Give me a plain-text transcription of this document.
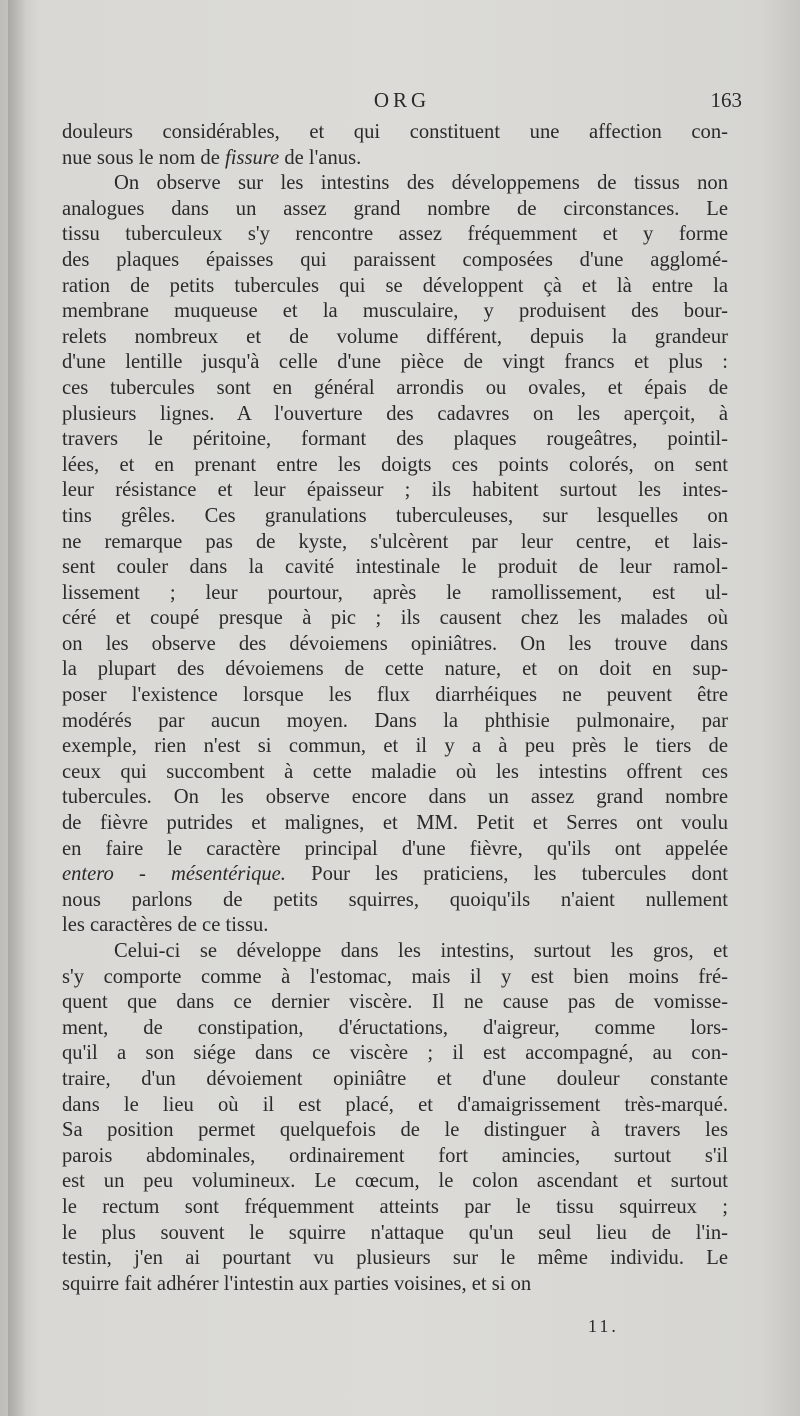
ORG	163
douleurs considérables, et qui constituent une affection con-
nue sous le nom de fissure de l'anus.
On observe sur les intestins des développemens de tissus non
analogues dans un assez grand nombre de circonstances. Le
tissu tuberculeux s'y rencontre assez fréquemment et y forme
des plaques épaisses qui paraissent composées d'une agglomé-
ration de petits tubercules qui se développent çà et là entre la
membrane muqueuse et la musculaire, y produisent des bour-
relets nombreux et de volume différent, depuis la grandeur
d'une lentille jusqu'à celle d'une pièce de vingt francs et plus :
ces tubercules sont en général arrondis ou ovales, et épais de
plusieurs lignes. A l'ouverture des cadavres on les aperçoit, à
travers le péritoine, formant des plaques rougeâtres, pointil-
lées, et en prenant entre les doigts ces points colorés, on sent
leur résistance et leur épaisseur ; ils habitent surtout les intes-
tins grêles. Ces granulations tuberculeuses, sur lesquelles on
ne remarque pas de kyste, s'ulcèrent par leur centre, et lais-
sent couler dans la cavité intestinale le produit de leur ramol-
lissement ; leur pourtour, après le ramollissement, est ul-
céré et coupé presque à pic ; ils causent chez les malades où
on les observe des dévoiemens opiniâtres. On les trouve dans
la plupart des dévoiemens de cette nature, et on doit en sup-
poser l'existence lorsque les flux diarrhéiques ne peuvent être
modérés par aucun moyen. Dans la phthisie pulmonaire, par
exemple, rien n'est si commun, et il y a à peu près le tiers de
ceux qui succombent à cette maladie où les intestins offrent ces
tubercules. On les observe encore dans un assez grand nombre
de fièvre putrides et malignes, et MM. Petit et Serres ont voulu
en faire le caractère principal d'une fièvre, qu'ils ont appelée
entero - mésentérique. Pour les praticiens, les tubercules dont
nous parlons de petits squirres, quoiqu'ils n'aient nullement
les caractères de ce tissu.
Celui-ci se développe dans les intestins, surtout les gros, et
s'y comporte comme à l'estomac, mais il y est bien moins fré-
quent que dans ce dernier viscère. Il ne cause pas de vomisse-
ment, de constipation, d'éructations, d'aigreur, comme lors-
qu'il a son siége dans ce viscère ; il est accompagné, au con-
traire, d'un dévoiement opiniâtre et d'une douleur constante
dans le lieu où il est placé, et d'amaigrissement très-marqué.
Sa position permet quelquefois de le distinguer à travers les
parois abdominales, ordinairement fort amincies, surtout s'il
est un peu volumineux. Le cœcum, le colon ascendant et surtout
le rectum sont fréquemment atteints par le tissu squirreux ;
le plus souvent le squirre n'attaque qu'un seul lieu de l'in-
testin, j'en ai pourtant vu plusieurs sur le même individu. Le
squirre fait adhérer l'intestin aux parties voisines, et si on
11.
